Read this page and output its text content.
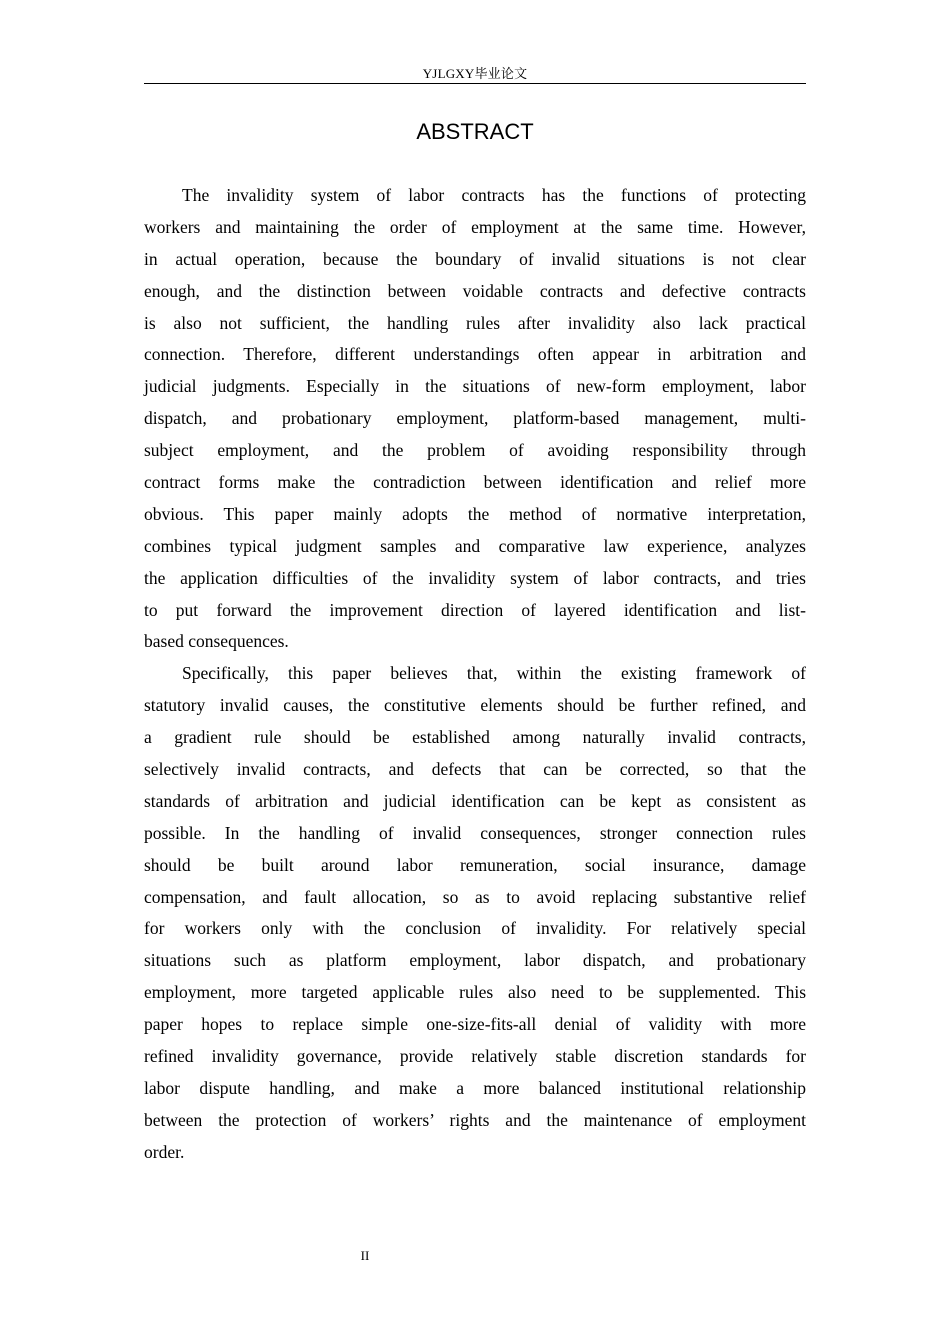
YJLGXY毕业论文
ABSTRACT
The invalidity system of labor contracts has the functions of protecting
workers and maintaining the order of employment at the same time. However,
in actual operation, because the boundary of invalid situations is not clear
enough, and the distinction between voidable contracts and defective contracts
is also not sufficient, the handling rules after invalidity also lack practical
connection. Therefore, different understandings often appear in arbitration and
judicial judgments. Especially in the situations of new-form employment, labor
dispatch, and probationary employment, platform-based management, multi-
subject employment, and the problem of avoiding responsibility through
contract forms make the contradiction between identification and relief more
obvious. This paper mainly adopts the method of normative interpretation,
combines typical judgment samples and comparative law experience, analyzes
the application difficulties of the invalidity system of labor contracts, and tries
to put forward the improvement direction of layered identification and list-
based consequences.
Specifically, this paper believes that, within the existing framework of
statutory invalid causes, the constitutive elements should be further refined, and
a gradient rule should be established among naturally invalid contracts,
selectively invalid contracts, and defects that can be corrected, so that the
standards of arbitration and judicial identification can be kept as consistent as
possible. In the handling of invalid consequences, stronger connection rules
should be built around labor remuneration, social insurance, damage
compensation, and fault allocation, so as to avoid replacing substantive relief
for workers only with the conclusion of invalidity. For relatively special
situations such as platform employment, labor dispatch, and probationary
employment, more targeted applicable rules also need to be supplemented. This
paper hopes to replace simple one-size-fits-all denial of validity with more
refined invalidity governance, provide relatively stable discretion standards for
labor dispute handling, and make a more balanced institutional relationship
between the protection of workers’ rights and the maintenance of employment
order.
II
